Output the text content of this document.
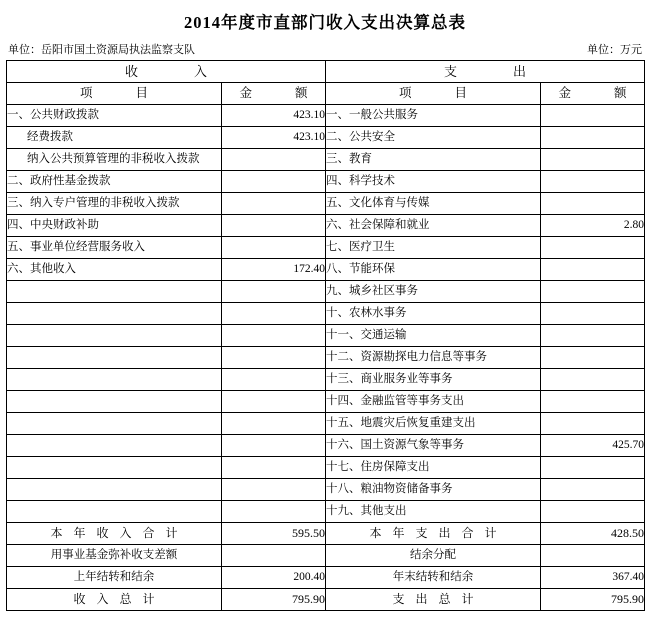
2014年度市直部门收入支出决算总表
单位：岳阳市国土资源局执法监察支队	单位：万元
收　　入		支　　出	
项　　目	金　　额	项　　目	金　　额
一、公共财政拨款	423.10	一、一般公共服务	
经费拨款	423.10	二、公共安全	
纳入公共预算管理的非税收入拨款		三、教育	
二、政府性基金拨款		四、科学技术	
三、纳入专户管理的非税收入拨款		五、文化体育与传媒	
四、中央财政补助		六、社会保障和就业	2.80
五、事业单位经营服务收入		七、医疗卫生	
六、其他收入	172.40	八、节能环保	
		九、城乡社区事务	
		十、农林水事务	
		十一、交通运输	
		十二、资源勘探电力信息等事务	
		十三、商业服务业等事务	
		十四、金融监管等事务支出	
		十五、地震灾后恢复重建支出	
		十六、国土资源气象等事务	425.70
		十七、住房保障支出	
		十八、粮油物资储备事务	
		十九、其他支出	
本 年 收 入 合 计	595.50	本 年 支 出 合 计	428.50
用事业基金弥补收支差额		结余分配	
上年结转和结余	200.40	年末结转和结余	367.40
收 入 总 计	795.90	支 出 总 计	795.90
